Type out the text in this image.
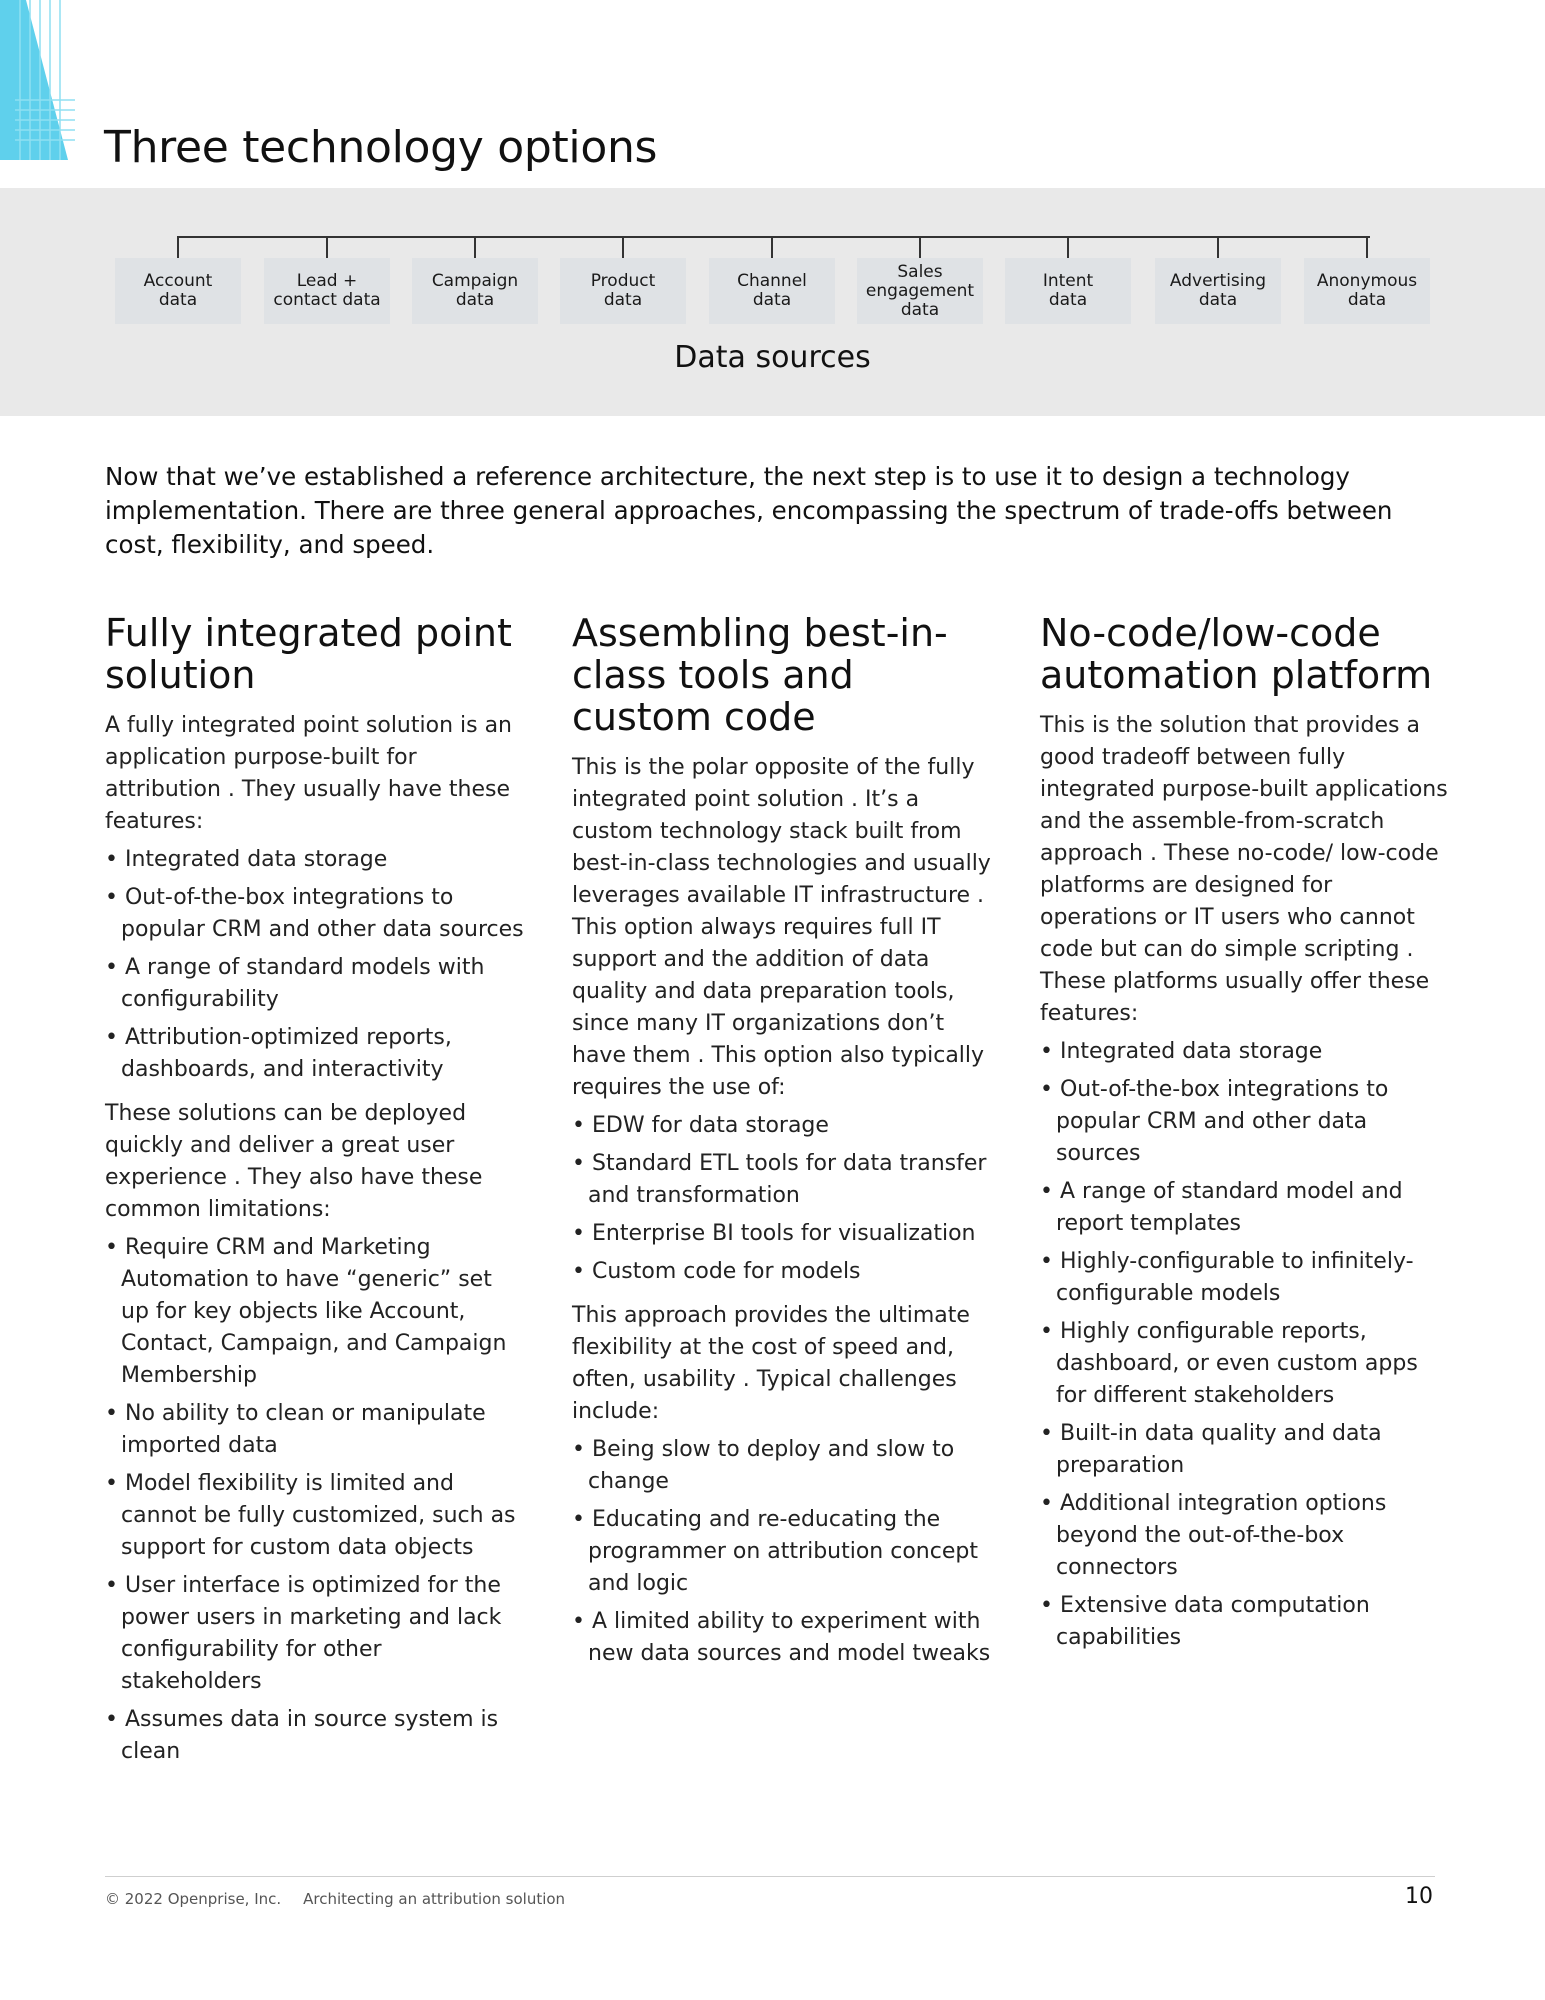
Three technology options
Account
data
Lead +
contact data
Campaign
data
Product
data
Channel
data
Sales
engagement
data
Intent
data
Advertising
data
Anonymous
data
Data sources

Now that we’ve established a reference architecture, the next step is to use it to design a technology implementation. There are three general approaches, encompassing the spectrum of trade-offs between cost, flexibility, and speed.

Fully integrated point solution

A fully integrated point solution is an application purpose-built for attribution . They usually have these features:

• Integrated data storage
• Out-of-the-box integrations to popular CRM and other data sources
• A range of standard models with configurability
• Attribution-optimized reports, dashboards, and interactivity

These solutions can be deployed quickly and deliver a great user experience . They also have these common limitations:

• Require CRM and Marketing Automation to have “generic” set up for key objects like Account, Contact, Campaign, and Campaign Membership
• No ability to clean or manipulate imported data
• Model flexibility is limited and cannot be fully customized, such as support for custom data objects
• User interface is optimized for the power users in marketing and lack configurability for other stakeholders
• Assumes data in source system is clean
Assembling best-in-class tools and custom code

This is the polar opposite of the fully integrated point solution . It’s a custom technology stack built from best-in-class technologies and usually leverages available IT infrastructure . This option always requires full IT support and the addition of data quality and data preparation tools, since many IT organizations don’t have them . This option also typically requires the use of:

• EDW for data storage
• Standard ETL tools for data transfer and transformation
• Enterprise BI tools for visualization
• Custom code for models

This approach provides the ultimate flexibility at the cost of speed and, often, usability . Typical challenges include:

• Being slow to deploy and slow to change
• Educating and re-educating the programmer on attribution concept and logic
• A limited ability to experiment with new data sources and model tweaks
No-code/low-code automation platform

This is the solution that provides a good tradeoff between fully integrated purpose-built applications and the assemble-from-scratch approach . These no-code/ low-code platforms are designed for operations or IT users who cannot code but can do simple scripting . These platforms usually offer these features:

• Integrated data storage
• Out-of-the-box integrations to popular CRM and other data sources
• A range of standard model and report templates
• Highly-configurable to infinitely-configurable models
• Highly configurable reports, dashboard, or even custom apps for different stakeholders
• Built-in data quality and data preparation
• Additional integration options beyond the out-of-the-box connectors
• Extensive data computation capabilities
© 2022 Openprise, Inc. Architecting an attribution solution	10
